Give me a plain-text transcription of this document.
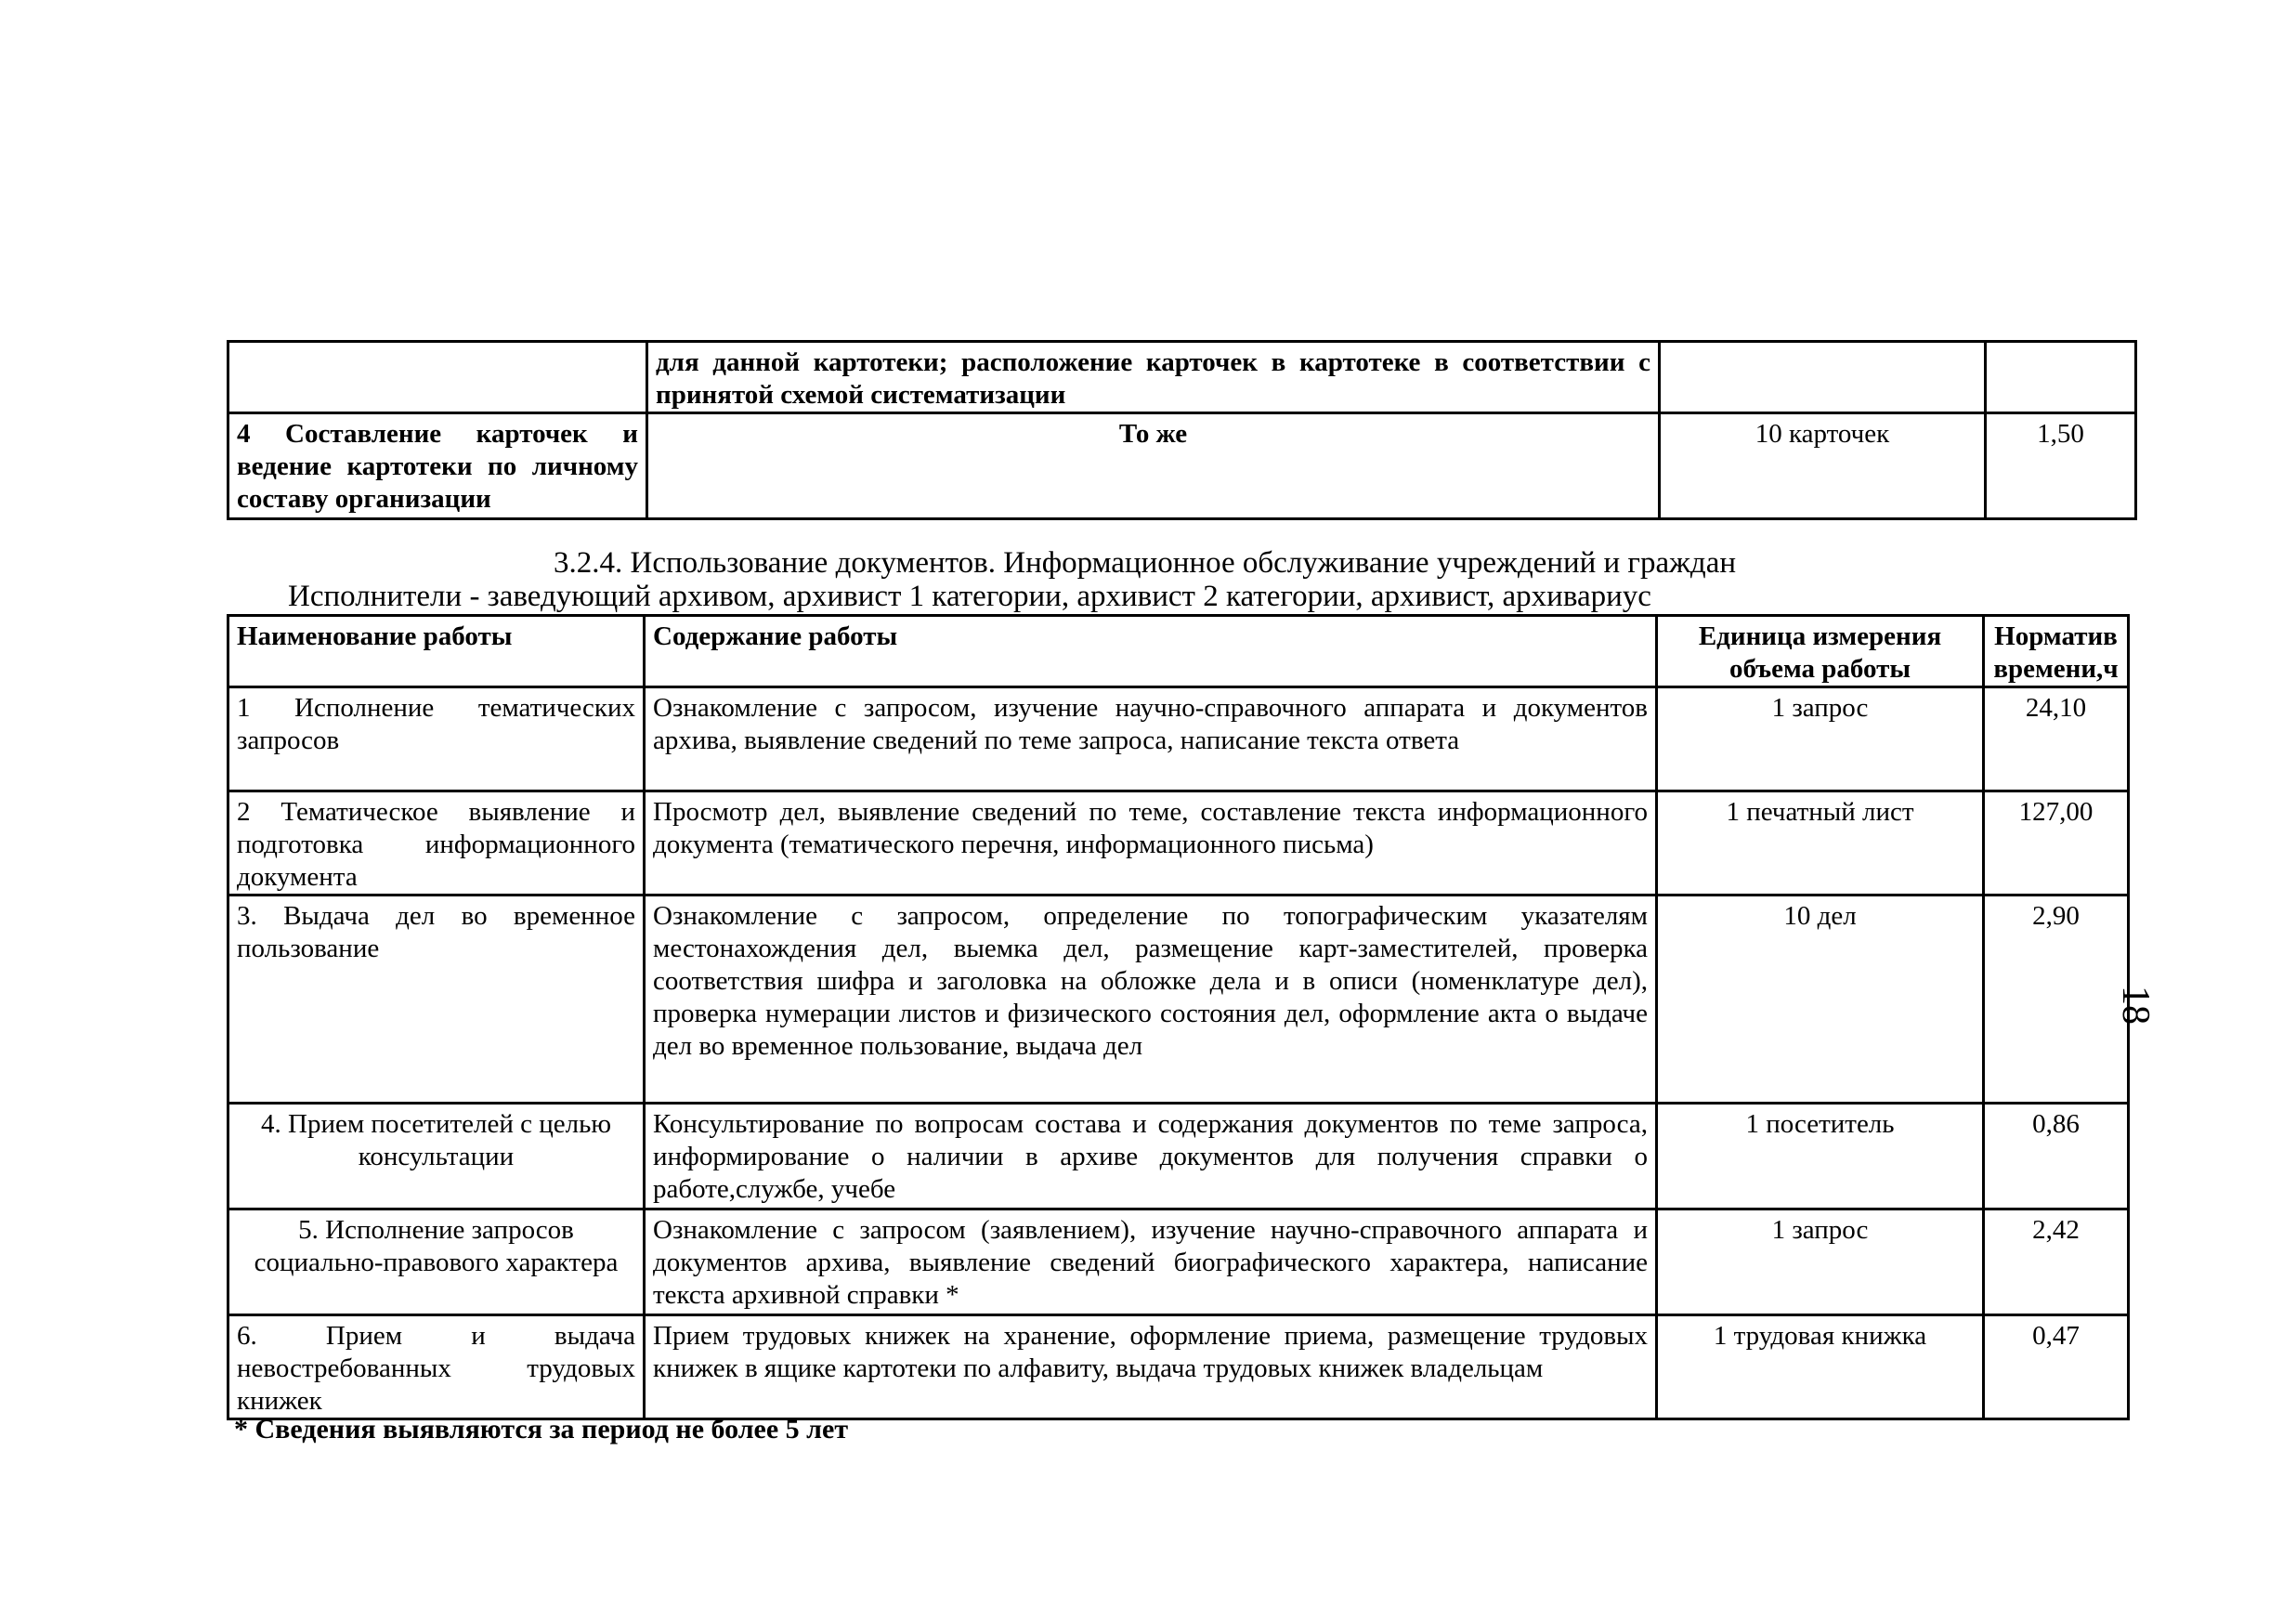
	для данной картотеки; расположение карточек в картотеке в соответствии с принятой схемой систематизации		
4 Составление карточек и ведение картотеки по личному составу организации	То же	10 карточек	1,50
3.2.4. Использование документов. Информационное обслуживание учреждений и граждан
Исполнители - заведующий архивом, архивист 1 категории, архивист 2 категории, архивист, архивариус
Наименование работы	Содержание работы	Единица измерения объема работы	Норматив времени,ч
1 Исполнение тематических запросов	Ознакомление с запросом, изучение научно-справочного аппарата и документов архива, выявление сведений по теме запроса, написание текста ответа	1 запрос	24,10
2 Тематическое выявление и подготовка информационного документа	Просмотр дел, выявление сведений по теме, составление текста информационного документа (тематического перечня, информационного письма)	1 печатный лист	127,00
3. Выдача дел во временное пользование	Ознакомление с запросом, определение по топографическим указателям местонахождения дел, выемка дел, размещение карт-заместителей, проверка соответствия шифра и заголовка на обложке дела и в описи (номенклатуре дел), проверка нумерации листов и физического состояния дел, оформление акта о выдаче дел во временное пользование, выдача дел	10 дел	2,90
4. Прием посетителей с целью консультации	Консультирование по вопросам состава и содержания документов по теме запроса, информирование о наличии в архиве документов для получения справки о работе,службе, учебе	1 посетитель	0,86
5. Исполнение запросов социально-правового характера	Ознакомление с запросом (заявлением), изучение научно-справочного аппарата и документов архива, выявление сведений биографического характера, написание текста архивной справки *	1 запрос	2,42
6. Прием и выдача невостребованных трудовых книжек	Прием трудовых книжек на хранение, оформление приема, размещение трудовых книжек в ящике картотеки по алфавиту, выдача трудовых книжек владельцам	1 трудовая книжка	0,47
* Сведения выявляются за период не более 5 лет
18
